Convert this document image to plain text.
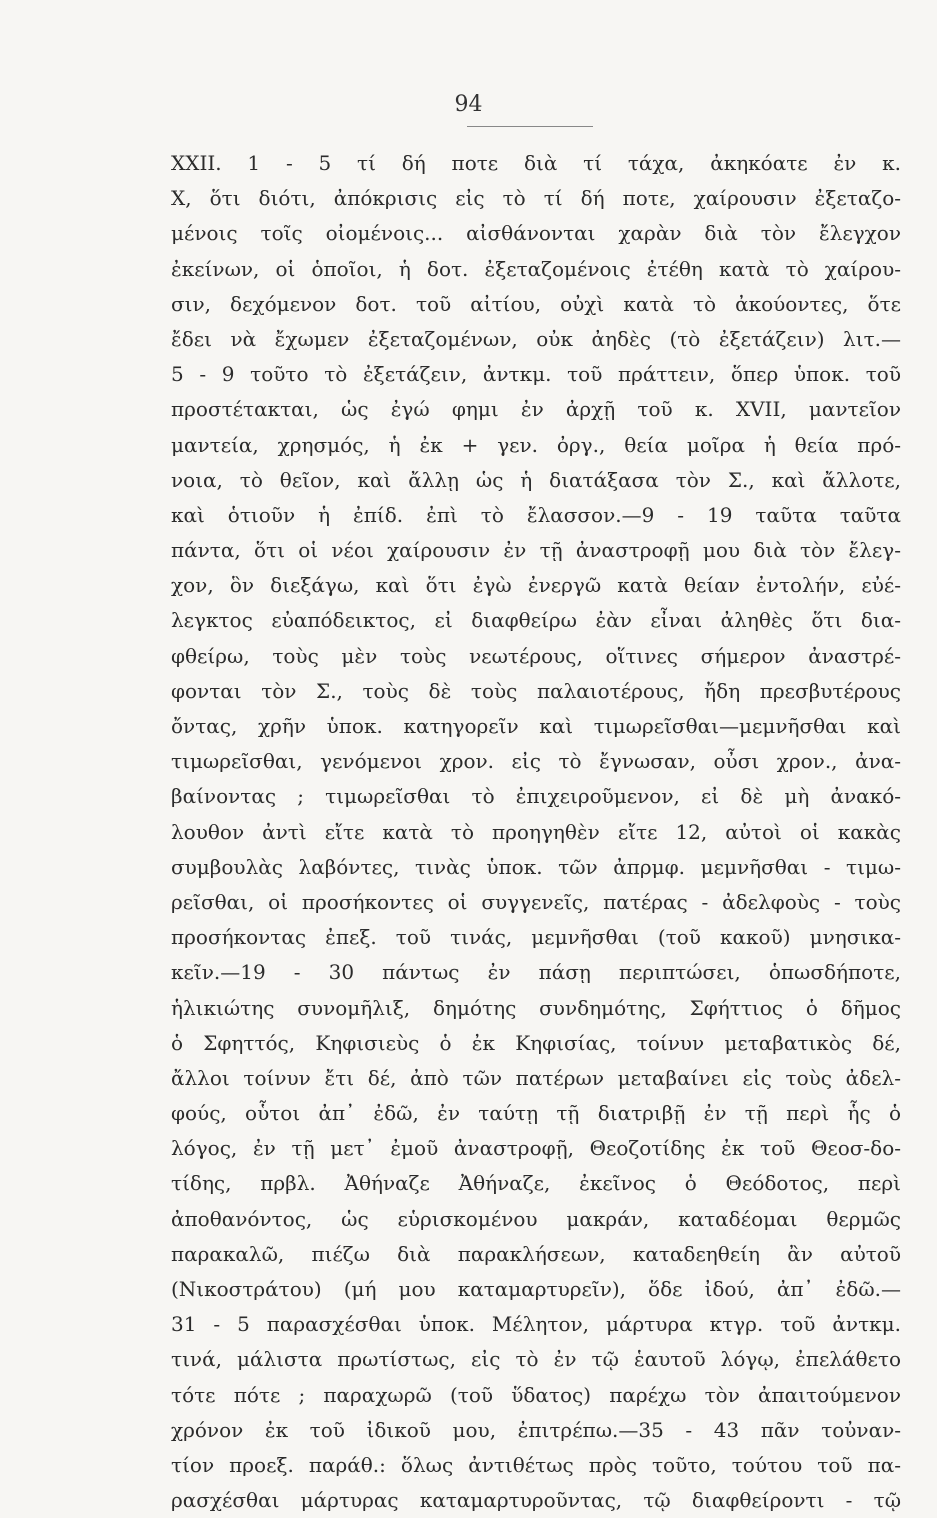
94
XXII. 1 - 5 τί δή ποτε διὰ τί τάχα, ἀκηκόατε ἐν κ.
Χ, ὅτι διότι, ἀπόκρισις εἰς τὸ τί δή ποτε, χαίρουσιν ἐξεταζο-
μένοις τοῖς οἰομένοις... αἰσθάνονται χαρὰν διὰ τὸν ἔλεγχον
ἐκείνων, οἱ ὁποῖοι, ἡ δοτ. ἐξεταζομένοις ἐτέθη κατὰ τὸ χαίρου-
σιν, δεχόμενον δοτ. τοῦ αἰτίου, οὐχὶ κατὰ τὸ ἀκούοντες, ὅτε
ἔδει νὰ ἔχωμεν ἐξεταζομένων, οὐκ ἀηδὲς (τὸ ἐξετάζειν) λιτ.—
5 - 9 τοῦτο τὸ ἐξετάζειν, ἀντκμ. τοῦ πράττειν, ὅπερ ὑποκ. τοῦ
προστέτακται, ὡς ἐγώ φημι ἐν ἀρχῇ τοῦ κ. XVII, μαντεῖον
μαντεία, χρησμός, ἡ ἐκ + γεν. ὀργ., θεία μοῖρα ἡ θεία πρό-
νοια, τὸ θεῖον, καὶ ἄλλῃ ὡς ἡ διατάξασα τὸν Σ., καὶ ἄλλοτε,
καὶ ὁτιοῦν ἡ ἐπίδ. ἐπὶ τὸ ἔλασσον.—9 - 19 ταῦτα ταῦτα
πάντα, ὅτι οἱ νέοι χαίρουσιν ἐν τῇ ἀναστροφῇ μου διὰ τὸν ἔλεγ-
χον, ὃν διεξάγω, καὶ ὅτι ἐγὼ ἐνεργῶ κατὰ θείαν ἐντολήν, εὐέ-
λεγκτος εὐαπόδεικτος, εἰ διαφθείρω ἐὰν εἶναι ἀληθὲς ὅτι δια-
φθείρω, τοὺς μὲν τοὺς νεωτέρους, οἵτινες σήμερον ἀναστρέ-
φονται τὸν Σ., τοὺς δὲ τοὺς παλαιοτέρους, ἤδη πρεσβυτέρους
ὄντας, χρῆν ὑποκ. κατηγορεῖν καὶ τιμωρεῖσθαι—μεμνῆσθαι καὶ
τιμωρεῖσθαι, γενόμενοι χρον. εἰς τὸ ἔγνωσαν, οὖσι χρον., ἀνα-
βαίνοντας ; τιμωρεῖσθαι τὸ ἐπιχειροῦμενον, εἰ δὲ μὴ ἀνακό-
λουθον ἀντὶ εἴτε κατὰ τὸ προηγηθὲν εἴτε 12, αὐτοὶ οἱ κακὰς
συμβουλὰς λαβόντες, τινὰς ὑποκ. τῶν ἀπρμφ. μεμνῆσθαι - τιμω-
ρεῖσθαι, οἱ προσήκοντες οἱ συγγενεῖς, πατέρας - ἀδελφοὺς - τοὺς
προσήκοντας ἐπεξ. τοῦ τινάς, μεμνῆσθαι (τοῦ κακοῦ) μνησικα-
κεῖν.—19 - 30 πάντως ἐν πάσῃ περιπτώσει, ὁπωσδήποτε,
ἡλικιώτης συνομῆλιξ, δημότης συνδημότης, Σφήττιος ὁ δῆμος
ὁ Σφηττός, Κηφισιεὺς ὁ ἐκ Κηφισίας, τοίνυν μεταβατικὸς δέ,
ἄλλοι τοίνυν ἔτι δέ, ἀπὸ τῶν πατέρων μεταβαίνει εἰς τοὺς ἀδελ-
φούς, οὗτοι ἀπ᾽ ἐδῶ, ἐν ταύτῃ τῇ διατριβῇ ἐν τῇ περὶ ἧς ὁ
λόγος, ἐν τῇ μετ᾽ ἐμοῦ ἀναστροφῇ, Θεοζοτίδης ἐκ τοῦ Θεοσ-δο-
τίδης, πρβλ. Ἀθήναζε Ἀθήναζε, ἐκεῖνος ὁ Θεόδοτος, περὶ
ἀποθανόντος, ὡς εὑρισκομένου μακράν, καταδέομαι θερμῶς
παρακαλῶ, πιέζω διὰ παρακλήσεων, καταδεηθείη ἂν αὐτοῦ
(Νικοστράτου) (μή μου καταμαρτυρεῖν), ὅδε ἰδού, ἀπ᾽ ἐδῶ.—
31 - 5 παρασχέσθαι ὑποκ. Μέλητον, μάρτυρα κτγρ. τοῦ ἀντκμ.
τινά, μάλιστα πρωτίστως, εἰς τὸ ἐν τῷ ἑαυτοῦ λόγῳ, ἐπελάθετο
τότε πότε ; παραχωρῶ (τοῦ ὕδατος) παρέχω τὸν ἀπαιτούμενον
χρόνον ἐκ τοῦ ἰδικοῦ μου, ἐπιτρέπω.—35 - 43 πᾶν τοὐναν-
τίον προεξ. παράθ.: ὅλως ἀντιθέτως πρὸς τοῦτο, τούτου τοῦ πα-
ρασχέσθαι μάρτυρας καταμαρτυροῦντας, τῷ διαφθείροντι - τῷ
